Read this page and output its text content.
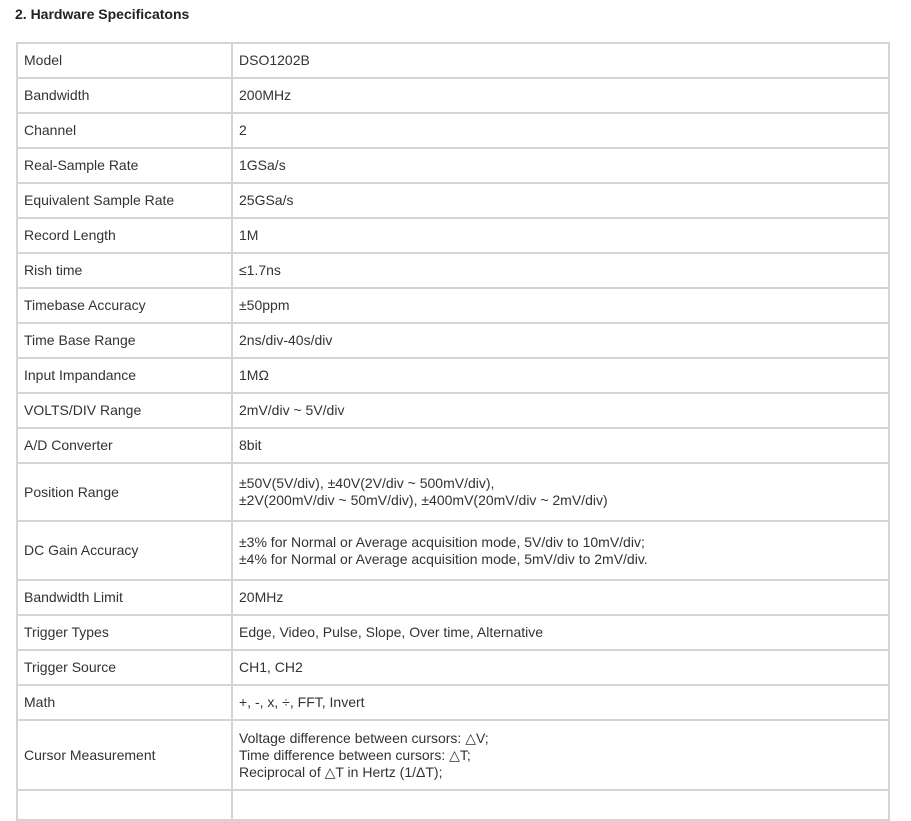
2. Hardware Specificatons
Model	DSO1202B

Bandwidth	200MHz

Channel	2

Real-Sample Rate	1GSa/s

Equivalent Sample Rate	25GSa/s

Record Length	1M

Rish time	≤1.7ns

Timebase Accuracy	±50ppm

Time Base Range	2ns/div-40s/div

Input Impandance	1MΩ

VOLTS/DIV Range	2mV/div ~ 5V/div

A/D Converter	8bit

Position Range	±50V(5V/div), ±40V(2V/div ~ 500mV/div),
±2V(200mV/div ~ 50mV/div), ±400mV(20mV/div ~ 2mV/div)

DC Gain Accuracy	±3% for Normal or Average acquisition mode, 5V/div to 10mV/div;
±4% for Normal or Average acquisition mode, 5mV/div to 2mV/div.

Bandwidth Limit	20MHz

Trigger Types	Edge, Video, Pulse, Slope, Over time, Alternative

Trigger Source	CH1, CH2

Math	+, -, x, ÷, FFT, Invert

Cursor Measurement	Voltage difference between cursors: △V;
Time difference between cursors: △T;
Reciprocal of △T in Hertz (1/ΔT);
